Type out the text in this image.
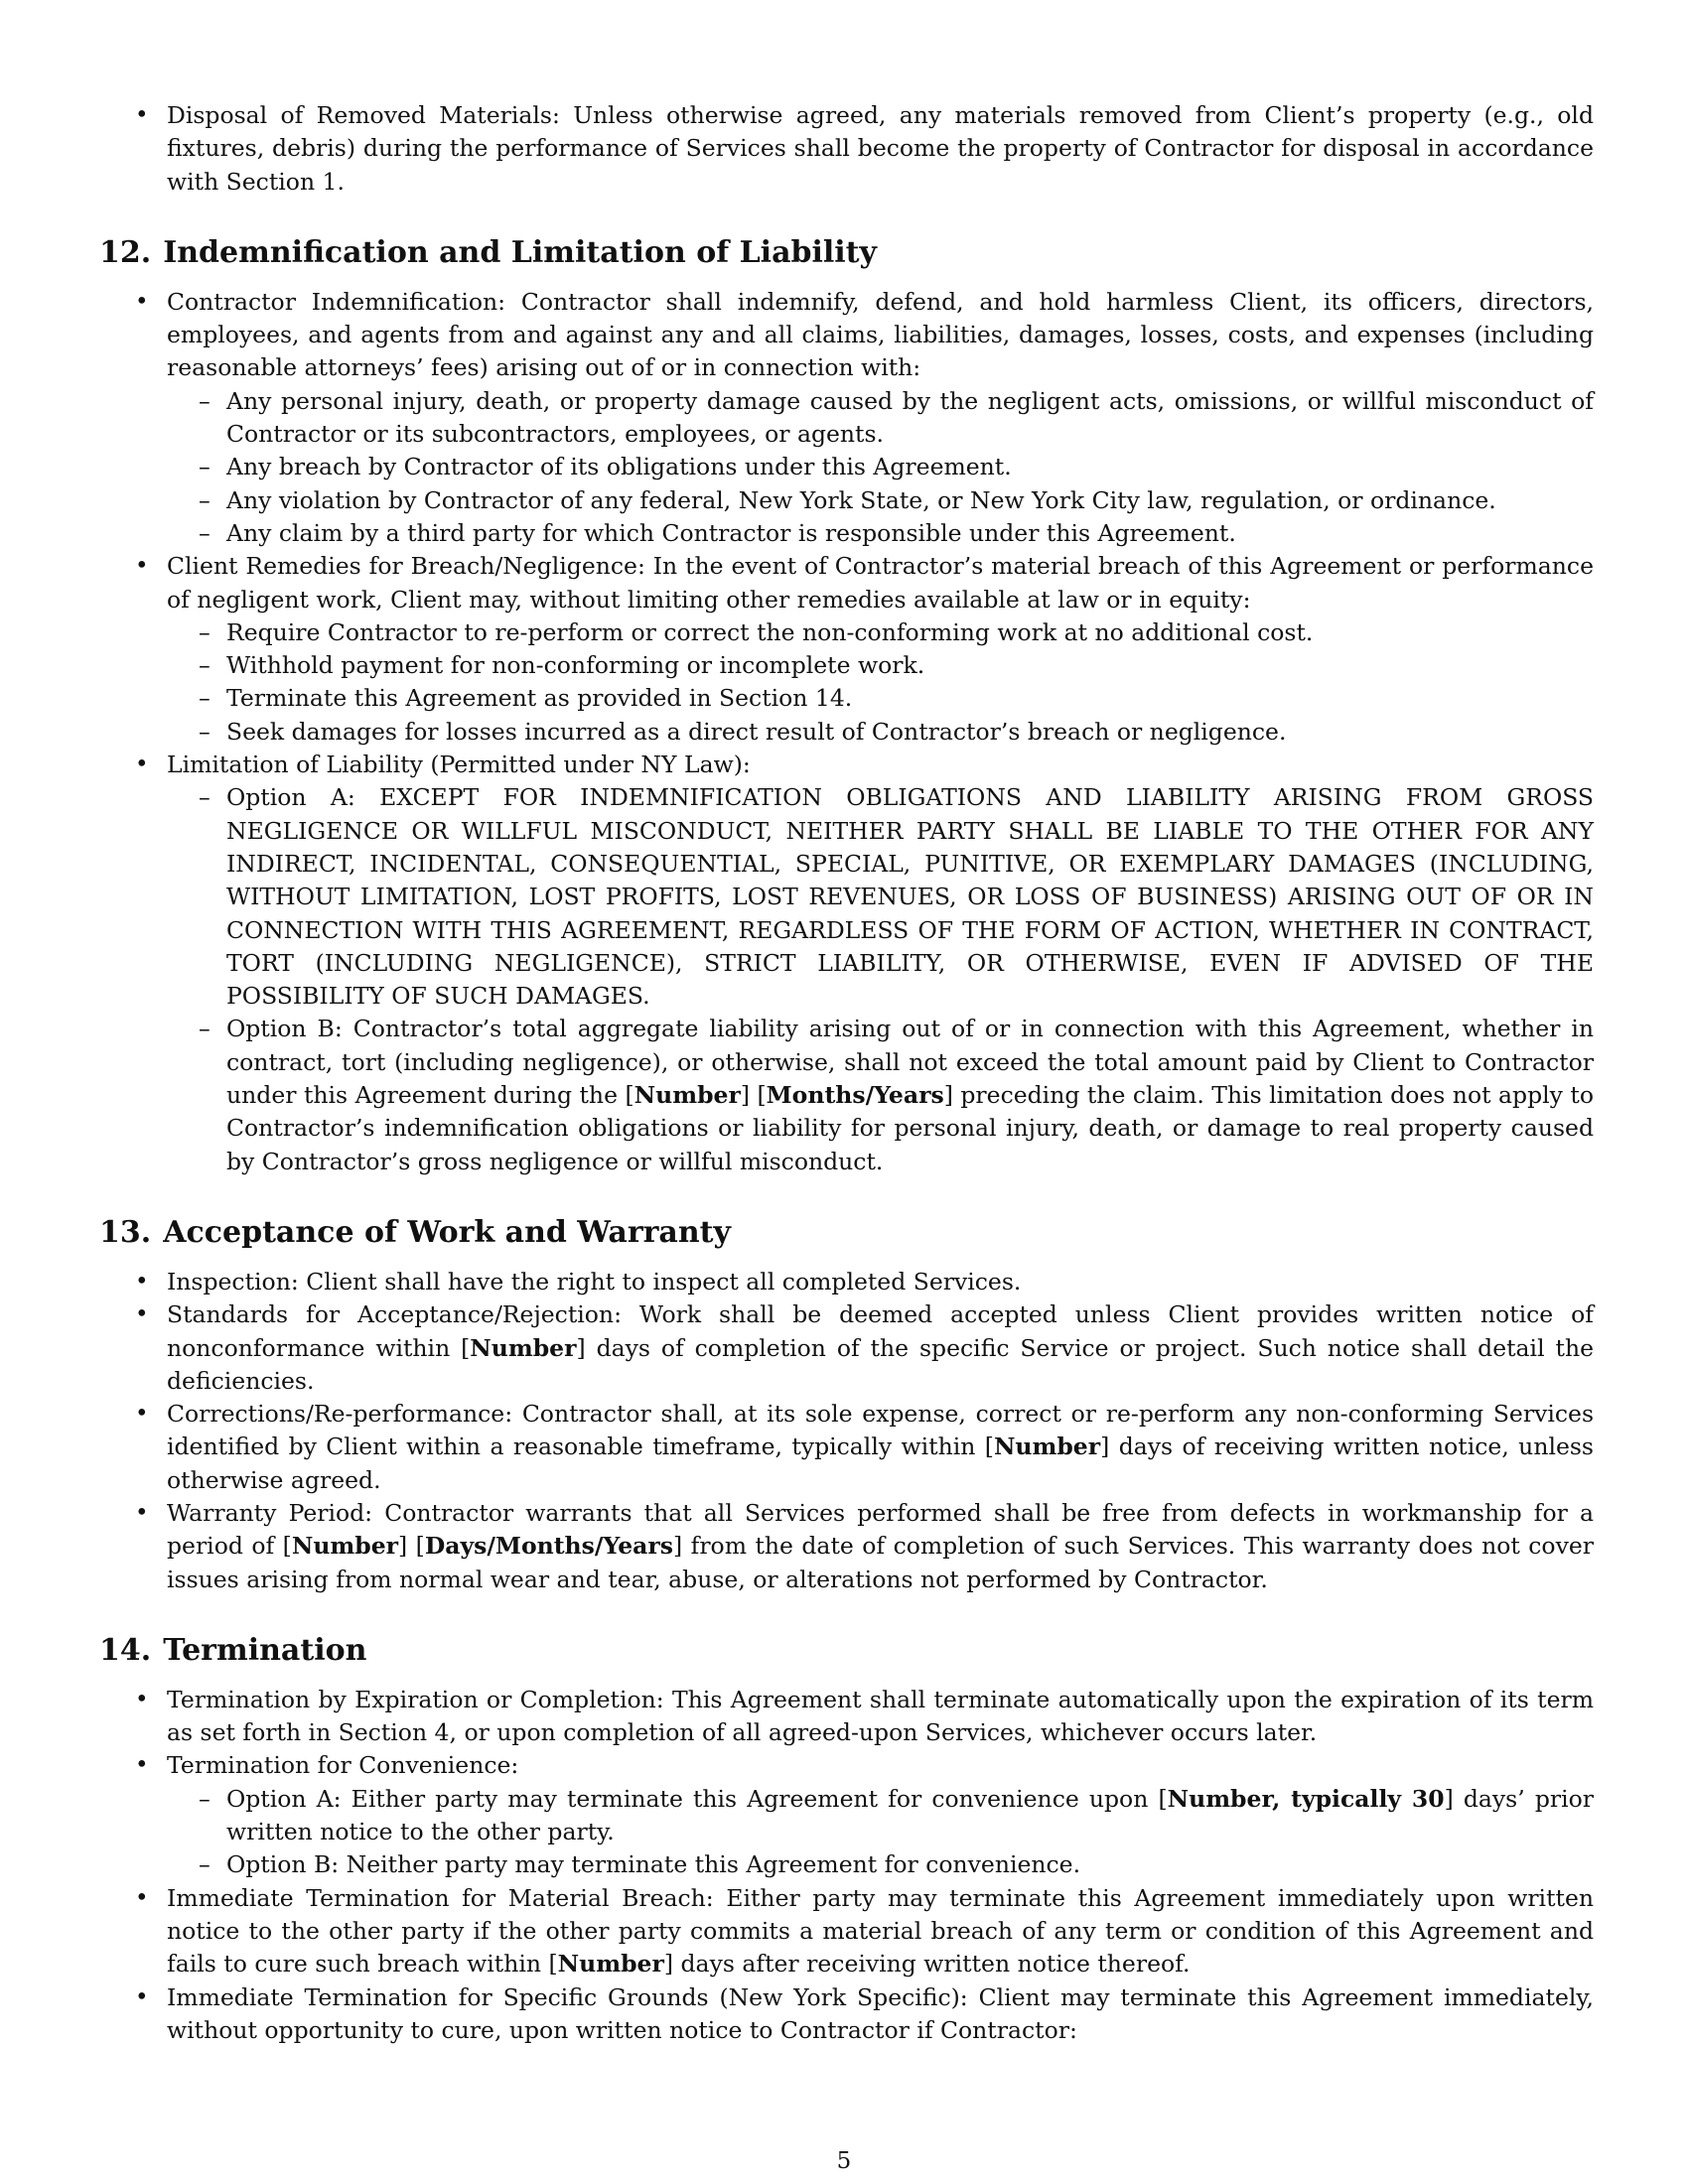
• Disposal of Removed Materials: Unless otherwise agreed, any materials removed from Client’s property (e.g., old fixtures, debris) during the performance of Services shall become the property of Contractor for disposal in accordance with Section 1.
12. Indemnification and Limitation of Liability
• Contractor Indemnification: Contractor shall indemnify, defend, and hold harmless Client, its officers, directors, employees, and agents from and against any and all claims, liabilities, damages, losses, costs, and expenses (including reasonable attorneys’ fees) arising out of or in connection with:
– Any personal injury, death, or property damage caused by the negligent acts, omissions, or willful misconduct of Contractor or its subcontractors, employees, or agents.
– Any breach by Contractor of its obligations under this Agreement.
– Any violation by Contractor of any federal, New York State, or New York City law, regulation, or ordinance.
– Any claim by a third party for which Contractor is responsible under this Agreement.
• Client Remedies for Breach/Negligence: In the event of Contractor’s material breach of this Agreement or performance of negligent work, Client may, without limiting other remedies available at law or in equity:
– Require Contractor to re-perform or correct the non-conforming work at no additional cost.
– Withhold payment for non-conforming or incomplete work.
– Terminate this Agreement as provided in Section 14.
– Seek damages for losses incurred as a direct result of Contractor’s breach or negligence.
• Limitation of Liability (Permitted under NY Law):
– Option A: EXCEPT FOR INDEMNIFICATION OBLIGATIONS AND LIABILITY ARISING FROM GROSS NEGLIGENCE OR WILLFUL MISCONDUCT, NEITHER PARTY SHALL BE LIABLE TO THE OTHER FOR ANY INDIRECT, INCIDENTAL, CONSEQUENTIAL, SPECIAL, PUNITIVE, OR EXEMPLARY DAMAGES (INCLUDING, WITHOUT LIMITATION, LOST PROFITS, LOST REVENUES, OR LOSS OF BUSINESS) ARISING OUT OF OR IN CONNECTION WITH THIS AGREEMENT, REGARDLESS OF THE FORM OF ACTION, WHETHER IN CONTRACT, TORT (INCLUDING NEGLIGENCE), STRICT LIABILITY, OR OTHERWISE, EVEN IF ADVISED OF THE POSSIBILITY OF SUCH DAMAGES.
– Option B: Contractor’s total aggregate liability arising out of or in connection with this Agreement, whether in contract, tort (including negligence), or otherwise, shall not exceed the total amount paid by Client to Contractor under this Agreement during the [Number] [Months/Years] preceding the claim. This limitation does not apply to Contractor’s indemnification obligations or liability for personal injury, death, or damage to real property caused by Contractor’s gross negligence or willful misconduct.
13. Acceptance of Work and Warranty
• Inspection: Client shall have the right to inspect all completed Services.
• Standards for Acceptance/Rejection: Work shall be deemed accepted unless Client provides written notice of nonconformance within [Number] days of completion of the specific Service or project. Such notice shall detail the deficiencies.
• Corrections/Re-performance: Contractor shall, at its sole expense, correct or re-perform any non-conforming Services identified by Client within a reasonable timeframe, typically within [Number] days of receiving written notice, unless otherwise agreed.
• Warranty Period: Contractor warrants that all Services performed shall be free from defects in workmanship for a period of [Number] [Days/Months/Years] from the date of completion of such Services. This warranty does not cover issues arising from normal wear and tear, abuse, or alterations not performed by Contractor.
14. Termination
• Termination by Expiration or Completion: This Agreement shall terminate automatically upon the expiration of its term as set forth in Section 4, or upon completion of all agreed-upon Services, whichever occurs later.
• Termination for Convenience:
– Option A: Either party may terminate this Agreement for convenience upon [Number, typically 30] days’ prior written notice to the other party.
– Option B: Neither party may terminate this Agreement for convenience.
• Immediate Termination for Material Breach: Either party may terminate this Agreement immediately upon written notice to the other party if the other party commits a material breach of any term or condition of this Agreement and fails to cure such breach within [Number] days after receiving written notice thereof.
• Immediate Termination for Specific Grounds (New York Specific): Client may terminate this Agreement immediately, without opportunity to cure, upon written notice to Contractor if Contractor:
5
